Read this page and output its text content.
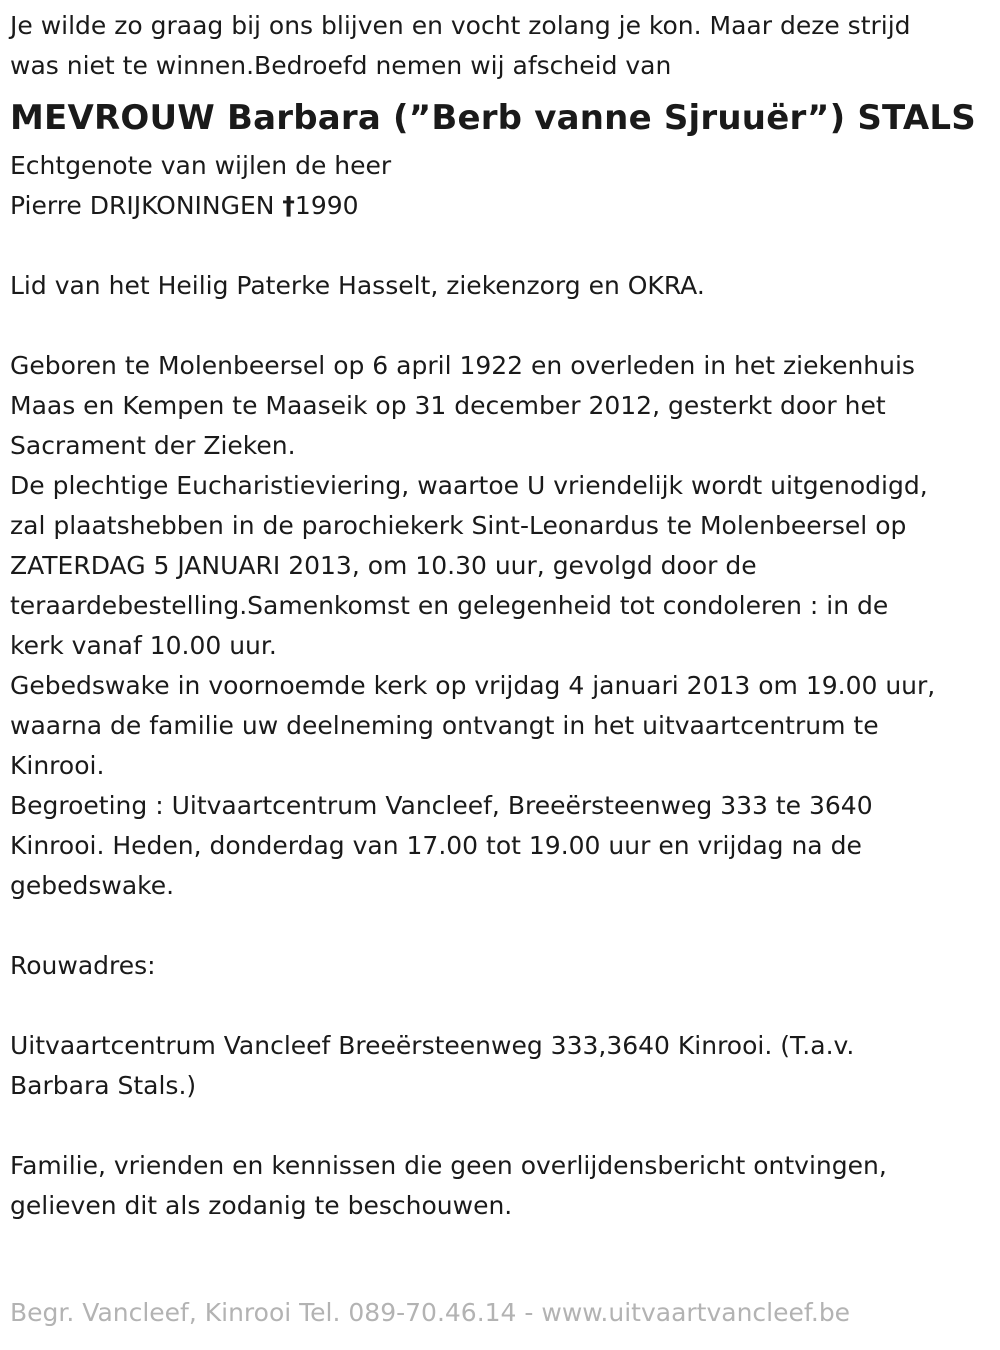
Je wilde zo graag bij ons blijven en vocht zolang je kon. Maar deze strijd
was niet te winnen.Bedroefd nemen wij afscheid van
MEVROUW Barbara (”Berb vanne Sjruuër”) STALS
Echtgenote van wijlen de heer
Pierre DRIJKONINGEN †1990
Lid van het Heilig Paterke Hasselt, ziekenzorg en OKRA.
Geboren te Molenbeersel op 6 april 1922 en overleden in het ziekenhuis
Maas en Kempen te Maaseik op 31 december 2012, gesterkt door het
Sacrament der Zieken.
De plechtige Eucharistieviering, waartoe U vriendelijk wordt uitgenodigd,
zal plaatshebben in de parochiekerk Sint-Leonardus te Molenbeersel op
ZATERDAG 5 JANUARI 2013, om 10.30 uur, gevolgd door de
teraardebestelling.Samenkomst en gelegenheid tot condoleren : in de
kerk vanaf 10.00 uur.
Gebedswake in voornoemde kerk op vrijdag 4 januari 2013 om 19.00 uur,
waarna de familie uw deelneming ontvangt in het uitvaartcentrum te
Kinrooi.
Begroeting : Uitvaartcentrum Vancleef, Breeërsteenweg 333 te 3640
Kinrooi. Heden, donderdag van 17.00 tot 19.00 uur en vrijdag na de
gebedswake.
Rouwadres:
Uitvaartcentrum Vancleef Breeërsteenweg 333,3640 Kinrooi. (T.a.v.
Barbara Stals.)
Familie, vrienden en kennissen die geen overlijdensbericht ontvingen,
gelieven dit als zodanig te beschouwen.
Begr. Vancleef, Kinrooi Tel. 089-70.46.14 - www.uitvaartvancleef.be
